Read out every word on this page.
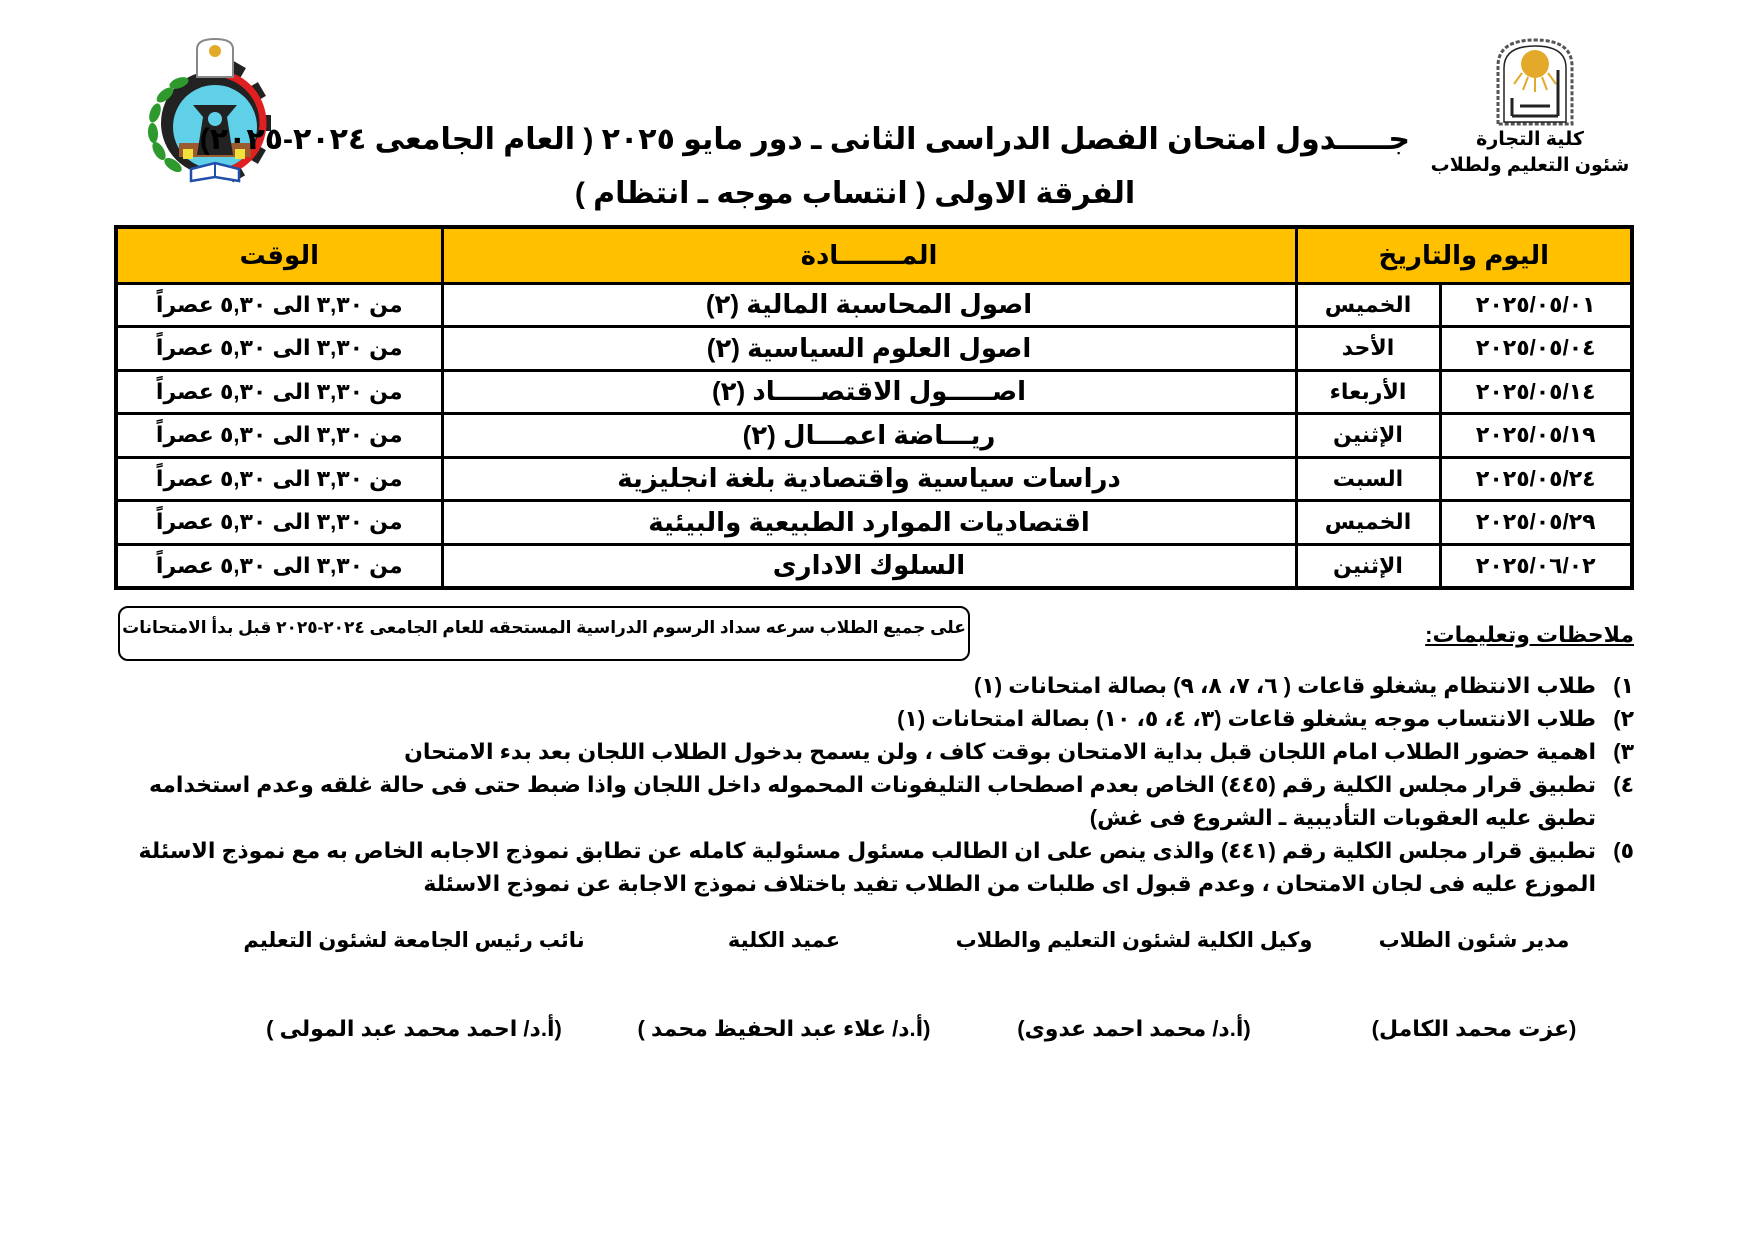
كلية التجارة
شئون التعليم ولطلاب
جـــــدول امتحان الفصل الدراسى الثانى ـ دور مايو ٢٠٢٥ ( العام الجامعى ٢٠٢٤-٢٠٢٥)
الفرقة الاولى ( انتساب موجه ـ انتظام )
اليوم والتاريخ		المـــــــادة	الوقت
٢٠٢٥/٠٥/٠١	الخميس	اصول المحاسبة المالية (٢)	من ٣,٣٠ الى ٥,٣٠ عصراً
٢٠٢٥/٠٥/٠٤	الأحد	اصول العلوم السياسية (٢)	من ٣,٣٠ الى ٥,٣٠ عصراً
٢٠٢٥/٠٥/١٤	الأربعاء	اصـــــول الاقتصـــــاد (٢)	من ٣,٣٠ الى ٥,٣٠ عصراً
٢٠٢٥/٠٥/١٩	الإثنين	ريـــاضة اعمـــال (٢)	من ٣,٣٠ الى ٥,٣٠ عصراً
٢٠٢٥/٠٥/٢٤	السبت	دراسات سياسية واقتصادية بلغة انجليزية	من ٣,٣٠ الى ٥,٣٠ عصراً
٢٠٢٥/٠٥/٢٩	الخميس	اقتصاديات الموارد الطبيعية والبيئية	من ٣,٣٠ الى ٥,٣٠ عصراً
٢٠٢٥/٠٦/٠٢	الإثنين	السلوك الادارى	من ٣,٣٠ الى ٥,٣٠ عصراً
ملاحظات وتعليمات:
على جميع الطلاب سرعه سداد الرسوم الدراسية المستحقه للعام الجامعى ٢٠٢٤-٢٠٢٥ قبل بدأ الامتحانات
١)
طلاب الانتظام يشغلو قاعات ( ٦، ٧، ٨، ٩) بصالة امتحانات (١)
٢)
طلاب الانتساب موجه يشغلو قاعات (٣، ٤، ٥، ١٠) بصالة امتحانات (١)
٣)
اهمية حضور الطلاب امام اللجان قبل بداية الامتحان بوقت كاف ، ولن يسمح بدخول الطلاب اللجان بعد بدء الامتحان
٤)
تطبيق قرار مجلس الكلية رقم (٤٤٥) الخاص بعدم اصطحاب التليفونات المحموله داخل اللجان واذا ضبط حتى فى حالة غلقه وعدم استخدامه تطبق عليه العقوبات التأديبية ـ الشروع فى غش)
٥)
تطبيق قرار مجلس الكلية رقم (٤٤١) والذى ينص على ان الطالب مسئول مسئولية كامله عن تطابق نموذج الاجابه الخاص به مع نموذج الاسئلة الموزع عليه فى لجان الامتحان ، وعدم قبول اى طلبات من الطلاب تفيد باختلاف نموذج الاجابة عن نموذج الاسئلة
مدير شئون الطلاب
(عزت محمد الكامل)
وكيل الكلية لشئون التعليم والطلاب
(أ.د/ محمد احمد عدوى)
عميد الكلية
(أ.د/ علاء عبد الحفيظ محمد )
نائب رئيس الجامعة لشئون التعليم
(أ.د/ احمد محمد عبد المولى )
